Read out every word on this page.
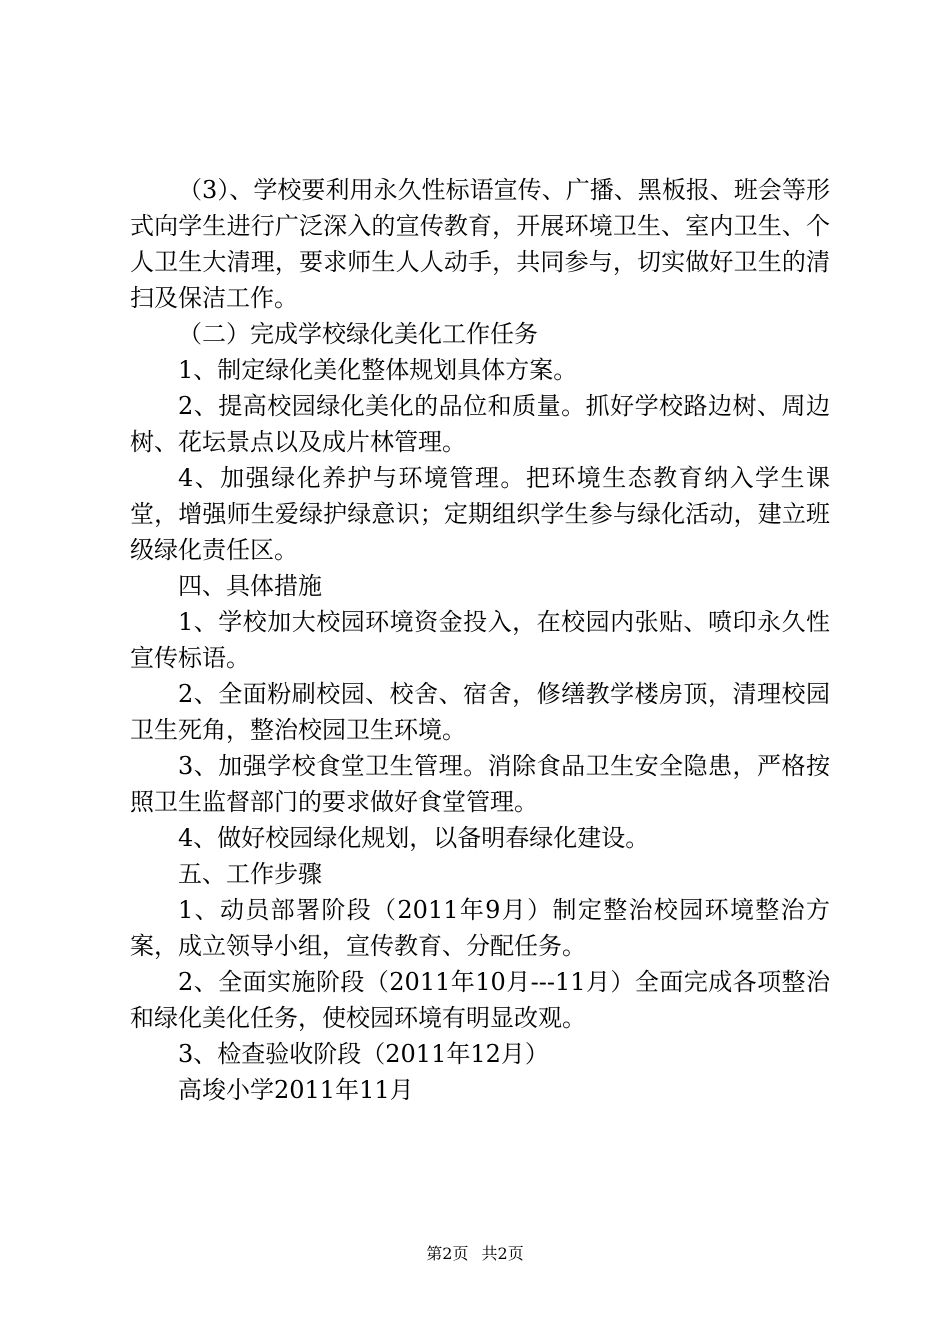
（3）、学校要利用永久性标语宣传、广播、黑板报、班会等形式向学生进行广泛深入的宣传教育，开展环境卫生、室内卫生、个人卫生大清理，要求师生人人动手，共同参与，切实做好卫生的清扫及保洁工作。

（二）完成学校绿化美化工作任务

1、制定绿化美化整体规划具体方案。

2、提高校园绿化美化的品位和质量。抓好学校路边树、周边树、花坛景点以及成片林管理。

4、加强绿化养护与环境管理。把环境生态教育纳入学生课堂，增强师生爱绿护绿意识；定期组织学生参与绿化活动，建立班级绿化责任区。

四、具体措施

1、学校加大校园环境资金投入，在校园内张贴、喷印永久性宣传标语。

2、全面粉刷校园、校舍、宿舍，修缮教学楼房顶，清理校园卫生死角，整治校园卫生环境。

3、加强学校食堂卫生管理。消除食品卫生安全隐患，严格按照卫生监督部门的要求做好食堂管理。

4、做好校园绿化规划，以备明春绿化建设。

五、工作步骤

1、动员部署阶段（2011年9月）制定整治校园环境整治方案，成立领导小组，宣传教育、分配任务。

2、全面实施阶段（2011年10月---11月）全面完成各项整治和绿化美化任务，使校园环境有明显改观。

3、检查验收阶段（2011年12月）

高埈小学2011年11月

第2页 共2页
